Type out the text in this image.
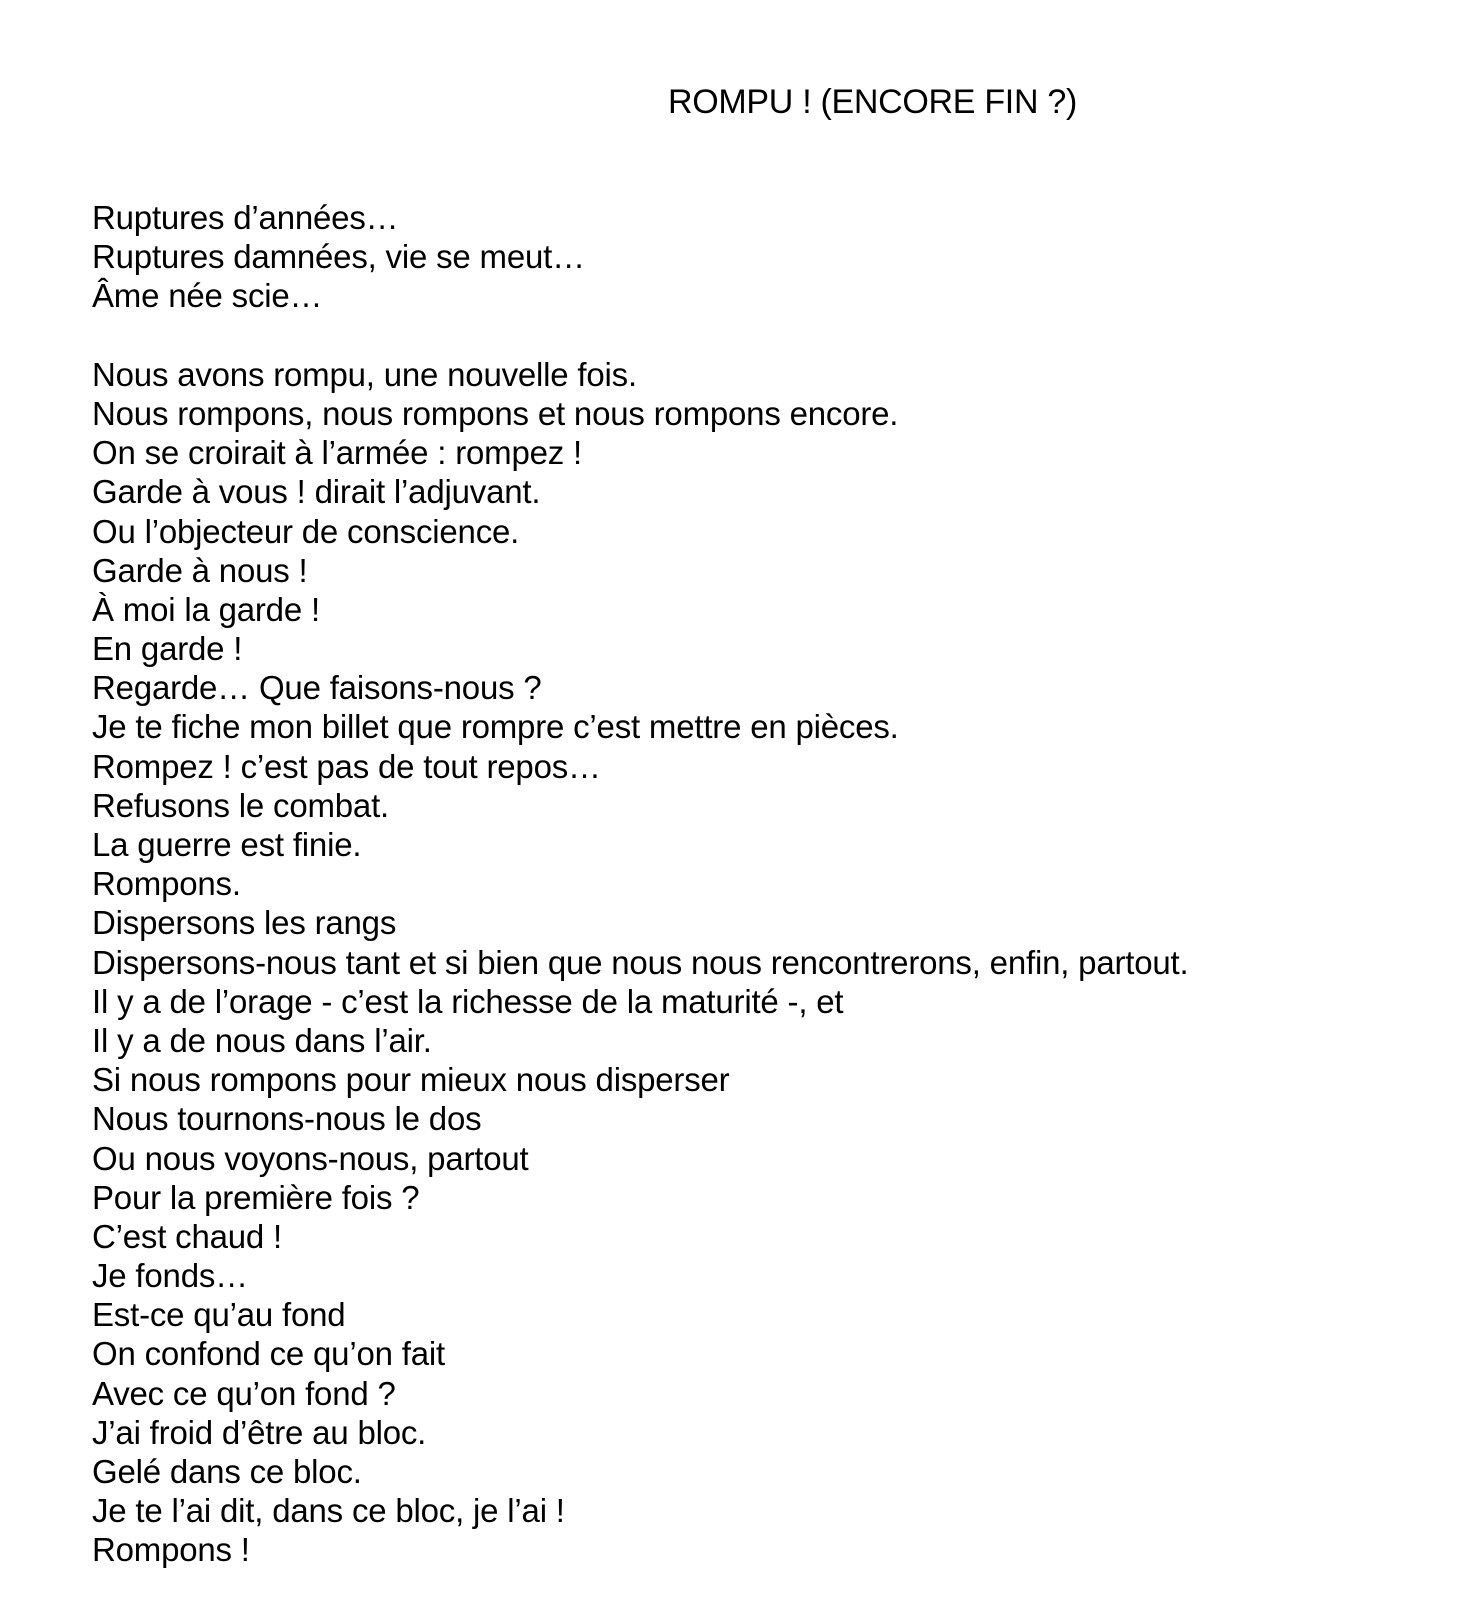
ROMPU ! (ENCORE FIN ?)
Ruptures d’années…
Ruptures damnées, vie se meut…
Âme née scie…
Nous avons rompu, une nouvelle fois.
Nous rompons, nous rompons et nous rompons encore.
On se croirait à l’armée : rompez !
Garde à vous ! dirait l’adjuvant.
Ou l’objecteur de conscience.
Garde à nous !
À moi la garde !
En garde !
Regarde… Que faisons-nous ?
Je te fiche mon billet que rompre c’est mettre en pièces.
Rompez ! c’est pas de tout repos…
Refusons le combat.
La guerre est finie.
Rompons.
Dispersons les rangs
Dispersons-nous tant et si bien que nous nous rencontrerons, enfin, partout.
Il y a de l’orage - c’est la richesse de la maturité -, et
Il y a de nous dans l’air.
Si nous rompons pour mieux nous disperser
Nous tournons-nous le dos
Ou nous voyons-nous, partout
Pour la première fois ?
C’est chaud !
Je fonds…
Est-ce qu’au fond
On confond ce qu’on fait
Avec ce qu’on fond ?
J’ai froid d’être au bloc.
Gelé dans ce bloc.
Je te l’ai dit, dans ce bloc, je l’ai !
Rompons !
